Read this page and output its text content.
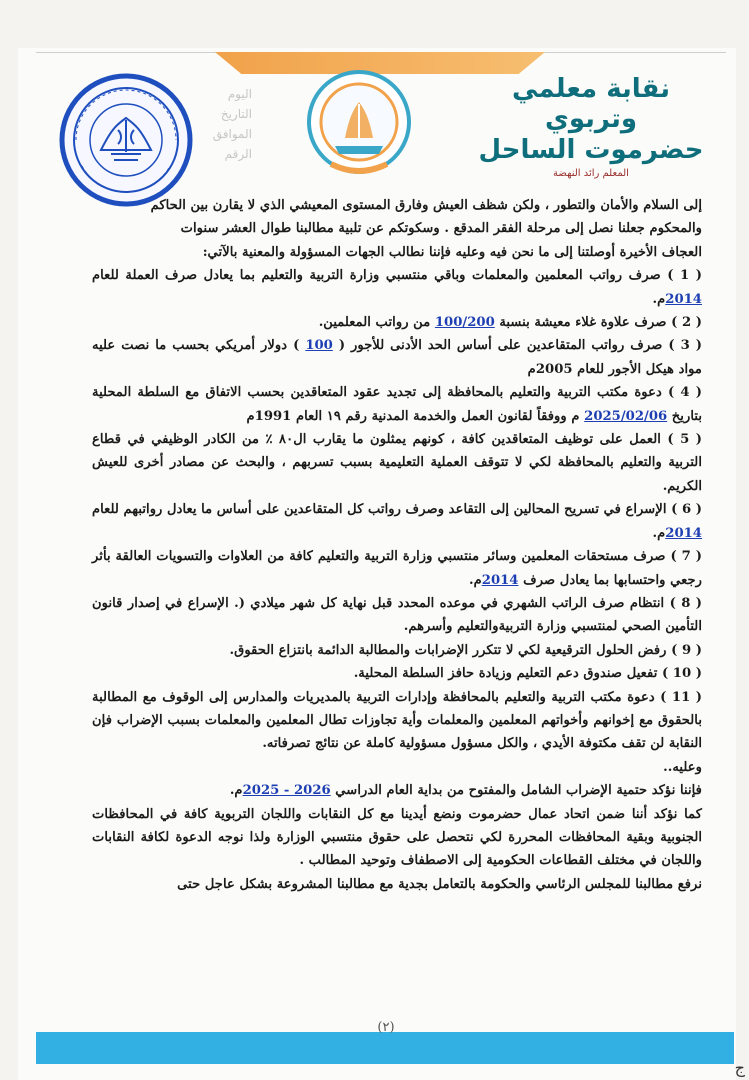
اليوم
التاريخ
الموافق
الرقم
نقابة معلمي وتربوي
حضرموت الساحل
المعلم رائد النهضة

إلى السلام والأمان والتطور ، ولكن شظف العيش وفارق المستوى المعيشي الذي لا يقارن بين الحاكم

والمحكوم جعلنا نصل إلى مرحلة الفقر المدقع . وسكوتكم عن تلبية مطالبنا طوال العشر سنوات

العجاف الأخيرة أوصلتنا إلى ما نحن فيه وعليه فإننا نطالب الجهات المسؤولة والمعنية بالآتي:

( 1 ) صرف رواتب المعلمين والمعلمات وباقي منتسبي وزارة التربية والتعليم بما يعادل صرف العملة للعام 2014م.

( 2 ) صرف علاوة غلاء معيشة بنسبة 100/200 من رواتب المعلمين.

( 3 ) صرف رواتب المتقاعدين على أساس الحد الأدنى للأجور ( 100 ) دولار أمريكي بحسب ما نصت عليه مواد هيكل الأجور للعام 2005م

( 4 ) دعوة مكتب التربية والتعليم بالمحافظة إلى تجديد عقود المتعاقدين بحسب الاتفاق مع السلطة المحلية بتاريخ 2025/02/06 م ووفقاً لقانون العمل والخدمة المدنية رقم ١٩ العام 1991م

( 5 ) العمل على توظيف المتعاقدين كافة ، كونهم يمثلون ما يقارب ال٨٠ ٪ من الكادر الوظيفي في قطاع التربية والتعليم بالمحافظة لكي لا تتوقف العملية التعليمية بسبب تسربهم ، والبحث عن مصادر أخرى للعيش الكريم.

( 6 ) الإسراع في تسريح المحالين إلى التقاعد وصرف رواتب كل المتقاعدين على أساس ما يعادل رواتبهم للعام 2014م.

( 7 ) صرف مستحقات المعلمين وسائر منتسبي وزارة التربية والتعليم كافة من العلاوات والتسويات العالقة بأثر رجعي واحتسابها بما يعادل صرف 2014م.

( 8 ) انتظام صرف الراتب الشهري في موعده المحدد قبل نهاية كل شهر ميلادي (. الإسراع في إصدار قانون التأمين الصحي لمنتسبي وزارة التربيةوالتعليم وأسرهم.

( 9 ) رفض الحلول الترقيعية لكي لا تتكرر الإضرابات والمطالبة الدائمة بانتزاع الحقوق.

( 10 ) تفعيل صندوق دعم التعليم وزيادة حافز السلطة المحلية.

( 11 ) دعوة مكتب التربية والتعليم بالمحافظة وإدارات التربية بالمديريات والمدارس إلى الوقوف مع المطالبة بالحقوق مع إخوانهم وأخواتهم المعلمين والمعلمات وأية تجاوزات تطال المعلمين والمعلمات بسبب الإضراب فإن النقابة لن تقف مكتوفة الأيدي ، والكل مسؤول مسؤولية كاملة عن نتائج تصرفاته.

وعليه..

فإننا نؤكد حتمية الإضراب الشامل والمفتوح من بداية العام الدراسي 2026 - 2025م.

كما نؤكد أننا ضمن اتحاد عمال حضرموت ونضع أيدينا مع كل النقابات واللجان التربوية كافة في المحافظات الجنوبية وبقية المحافظات المحررة لكي نتحصل على حقوق منتسبي الوزارة ولذا نوجه الدعوة لكافة النقابات واللجان في مختلف القطاعات الحكومية إلى الاصطفاف وتوحيد المطالب .

نرفع مطالبنا للمجلس الرئاسي والحكومة بالتعامل بجدية مع مطالبنا المشروعة بشكل عاجل حتى

(٢)
ج
